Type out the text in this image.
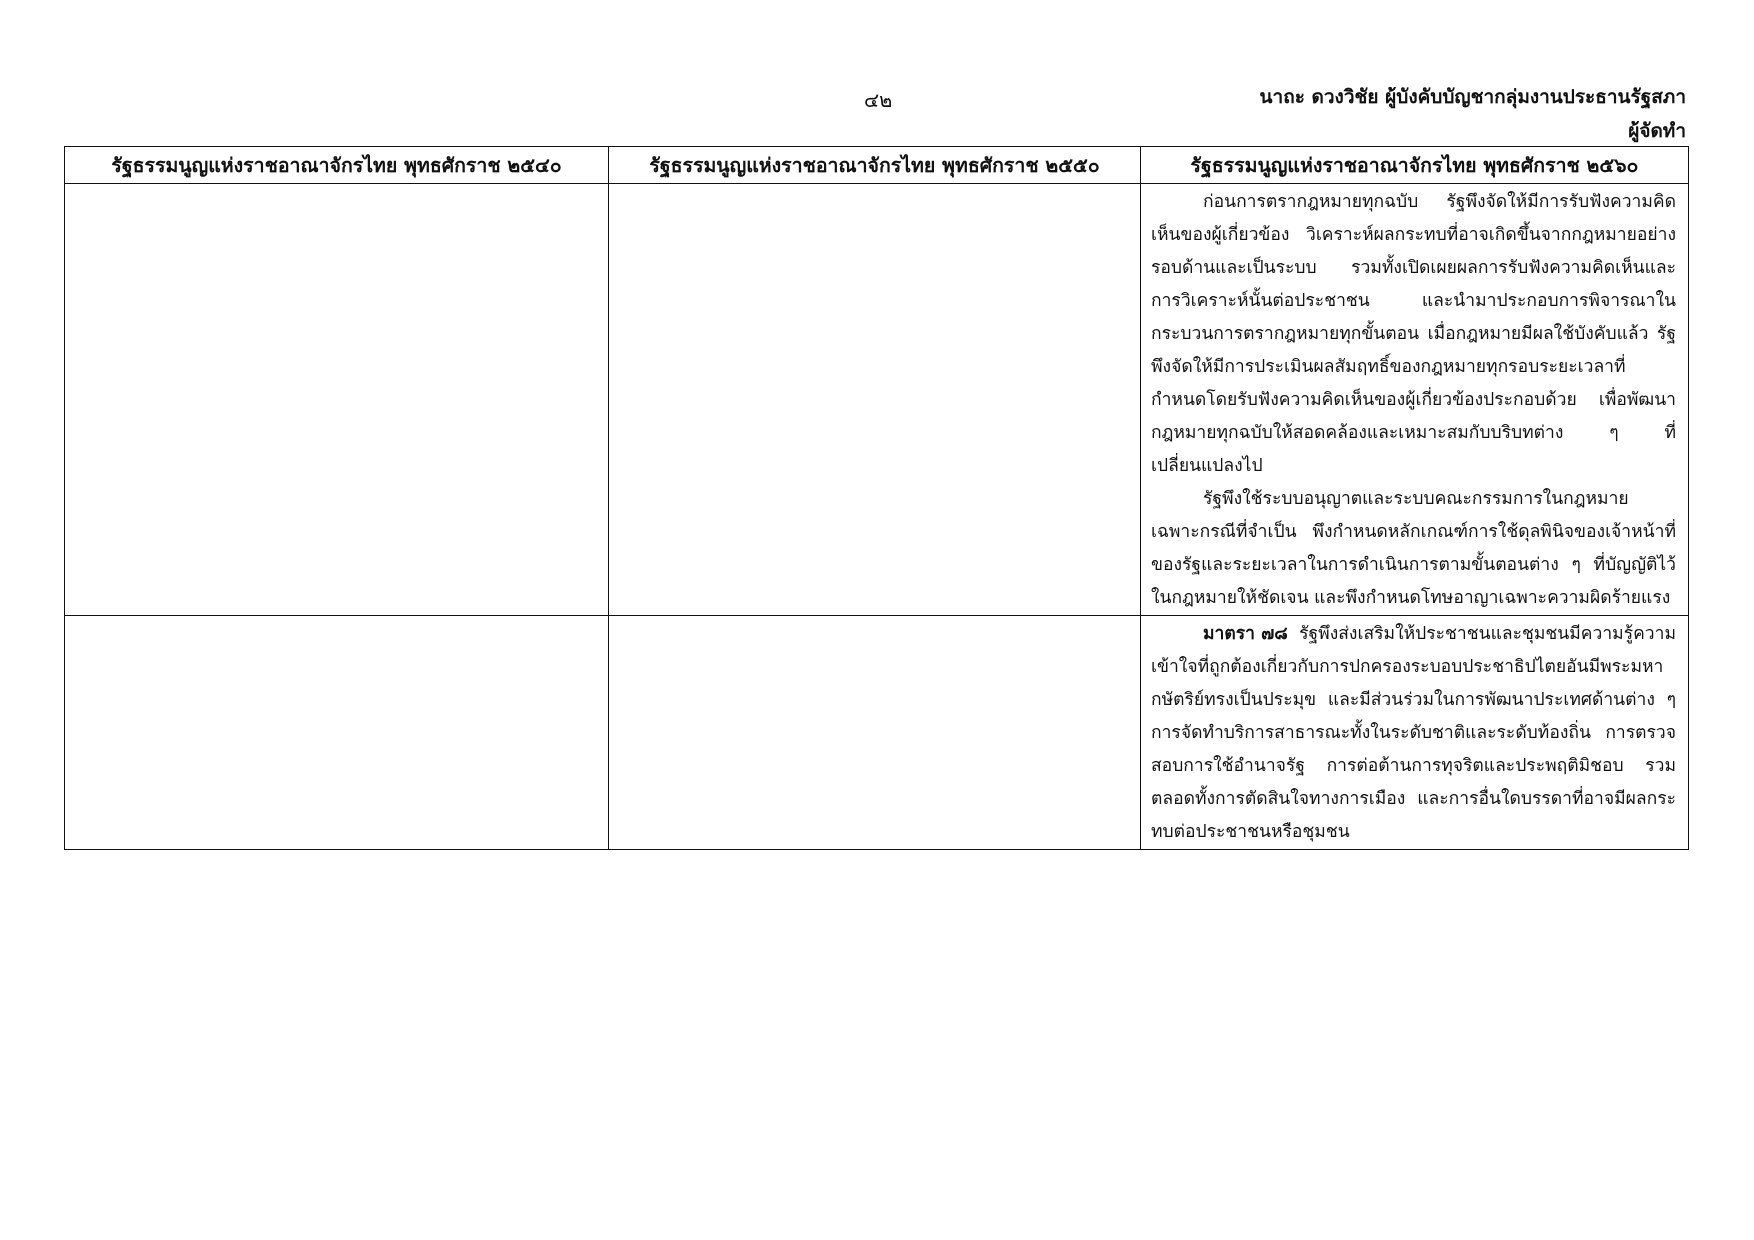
๔๒	นาถะ ดวงวิชัย ผู้บังคับบัญชากลุ่มงานประธานรัฐสภา
ผู้จัดทำ
รัฐธรรมนูญแห่งราชอาณาจักรไทย พุทธศักราช ๒๕๔๐	รัฐธรรมนูญแห่งราชอาณาจักรไทย พุทธศักราช ๒๕๕๐	รัฐธรรมนูญแห่งราชอาณาจักรไทย พุทธศักราช ๒๕๖๐

		ก่อนการตรากฎหมายทุกฉบับ รัฐพึงจัดให้มีการรับฟังความคิดเห็นของผู้เกี่ยวข้อง วิเคราะห์ผลกระทบที่อาจเกิดขึ้นจากกฎหมายอย่างรอบด้านและเป็นระบบ รวมทั้งเปิดเผยผลการรับฟังความคิดเห็นและการวิเคราะห์นั้นต่อประชาชน และนำมาประกอบการพิจารณาในกระบวนการตรากฎหมายทุกขั้นตอน เมื่อกฎหมายมีผลใช้บังคับแล้ว รัฐพึงจัดให้มีการประเมินผลสัมฤทธิ์ของกฎหมายทุกรอบระยะเวลาที่กำหนดโดยรับฟังความคิดเห็นของผู้เกี่ยวข้องประกอบด้วย เพื่อพัฒนากฎหมายทุกฉบับให้สอดคล้องและเหมาะสมกับบริบทต่าง ๆ ที่เปลี่ยนแปลงไป

รัฐพึงใช้ระบบอนุญาตและระบบคณะกรรมการในกฎหมายเฉพาะกรณีที่จำเป็น พึงกำหนดหลักเกณฑ์การใช้ดุลพินิจของเจ้าหน้าที่ของรัฐและระยะเวลาในการดำเนินการตามขั้นตอนต่าง ๆ ที่บัญญัติไว้ในกฎหมายให้ชัดเจน และพึงกำหนดโทษอาญาเฉพาะความผิดร้ายแรง

		มาตรา ๗๘ รัฐพึงส่งเสริมให้ประชาชนและชุมชนมีความรู้ความเข้าใจที่ถูกต้องเกี่ยวกับการปกครองระบอบประชาธิปไตยอันมีพระมหากษัตริย์ทรงเป็นประมุข และมีส่วนร่วมในการพัฒนาประเทศด้านต่าง ๆ การจัดทำบริการสาธารณะทั้งในระดับชาติและระดับท้องถิ่น การตรวจสอบการใช้อำนาจรัฐ การต่อต้านการทุจริตและประพฤติมิชอบ รวมตลอดทั้งการตัดสินใจทางการเมือง และการอื่นใดบรรดาที่อาจมีผลกระทบต่อประชาชนหรือชุมชน
